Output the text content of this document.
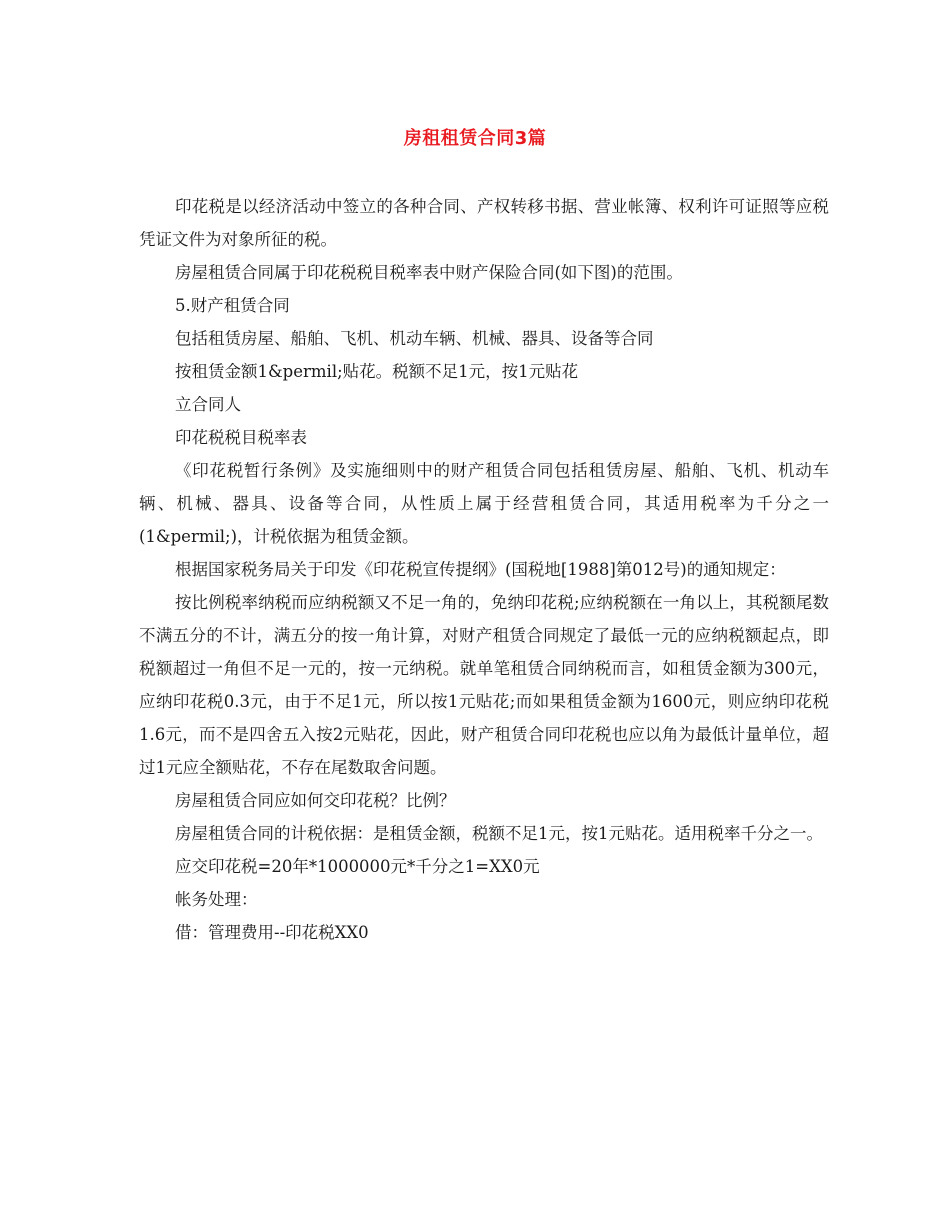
房租租赁合同3篇

印花税是以经济活动中签立的各种合同、产权转移书据、营业帐簿、权利许可证照等应税凭证文件为对象所征的税。

房屋租赁合同属于印花税税目税率表中财产保险合同(如下图)的范围。

5.财产租赁合同

包括租赁房屋、船舶、飞机、机动车辆、机械、器具、设备等合同

按租赁金额1&permil;贴花。税额不足1元，按1元贴花

立合同人

印花税税目税率表

《印花税暂行条例》及实施细则中的财产租赁合同包括租赁房屋、船舶、飞机、机动车辆、机械、器具、设备等合同，从性质上属于经营租赁合同，其适用税率为千分之一(1&permil;)，计税依据为租赁金额。

根据国家税务局关于印发《印花税宣传提纲》(国税地[1988]第012号)的通知规定：

按比例税率纳税而应纳税额又不足一角的，免纳印花税;应纳税额在一角以上，其税额尾数不满五分的不计，满五分的按一角计算，对财产租赁合同规定了最低一元的应纳税额起点，即税额超过一角但不足一元的，按一元纳税。就单笔租赁合同纳税而言，如租赁金额为300元，应纳印花税0.3元，由于不足1元，所以按1元贴花;而如果租赁金额为1600元，则应纳印花税1.6元，而不是四舍五入按2元贴花，因此，财产租赁合同印花税也应以角为最低计量单位，超过1元应全额贴花，不存在尾数取舍问题。

房屋租赁合同应如何交印花税？比例？

房屋租赁合同的计税依据：是租赁金额，税额不足1元，按1元贴花。适用税率千分之一。

应交印花税=20年*1000000元*千分之1=XX0元

帐务处理：

借：管理费用--印花税XX0
